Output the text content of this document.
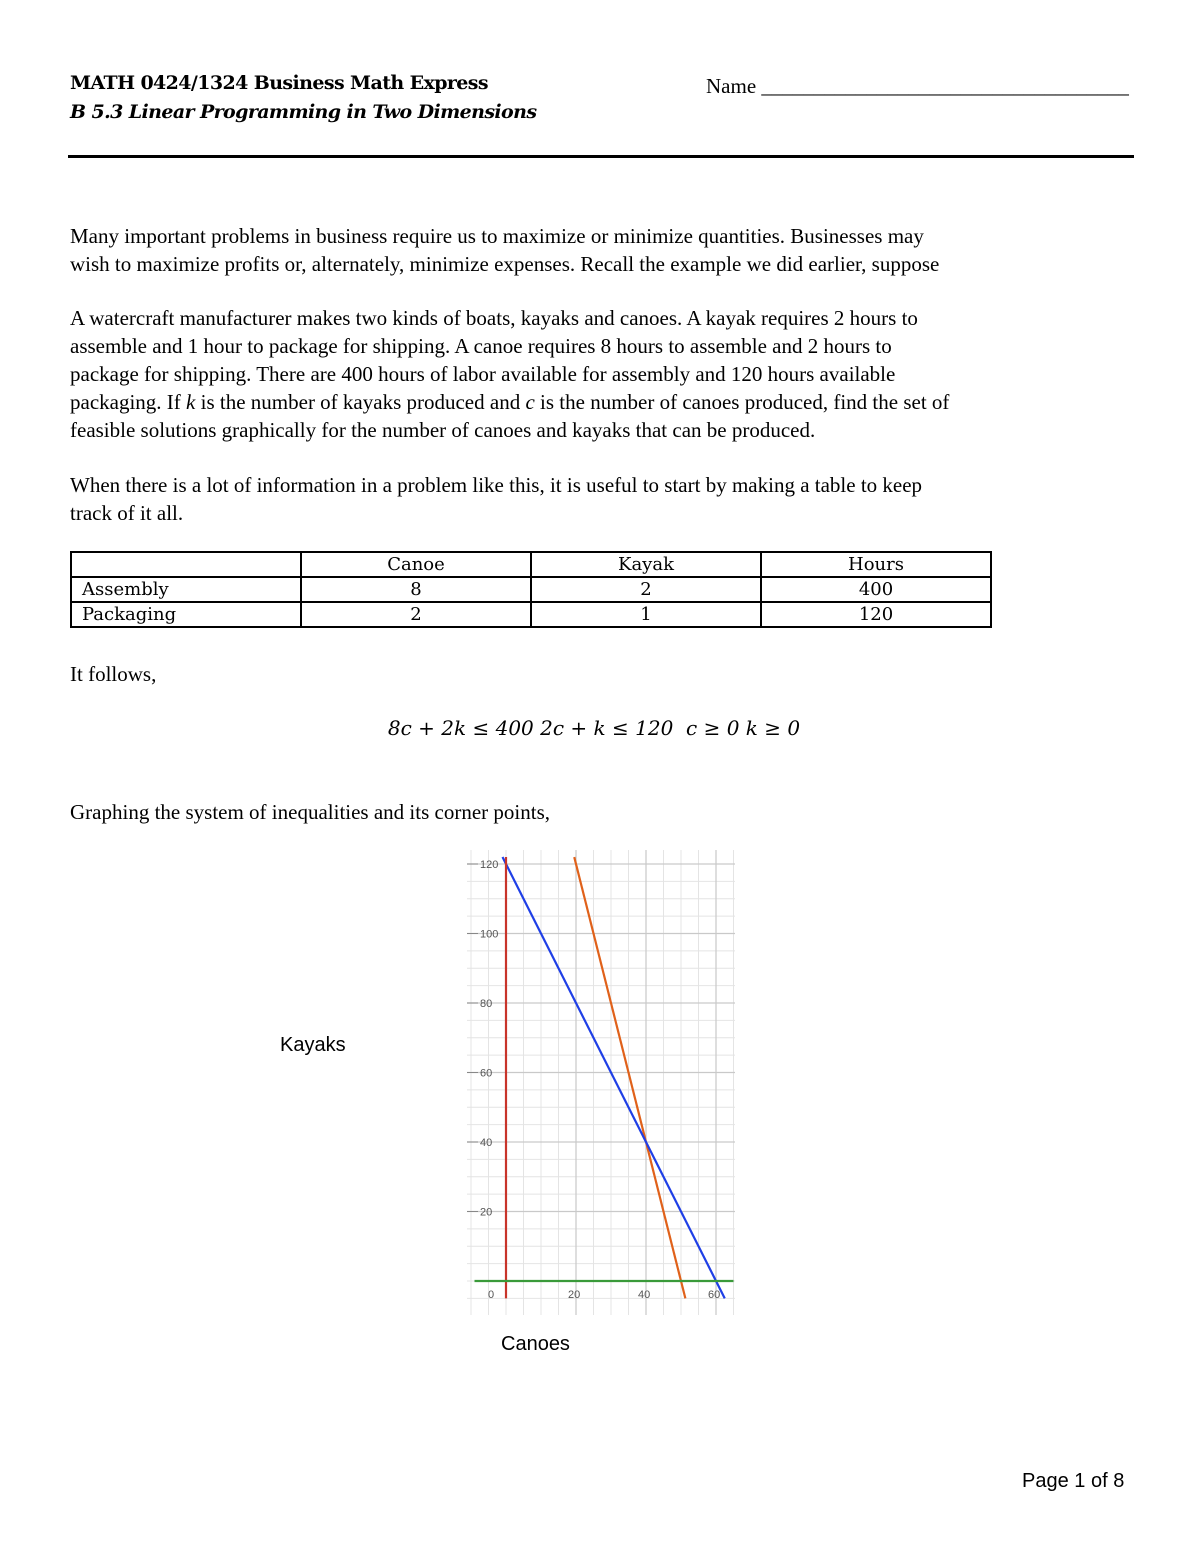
MATH 0424/1324 Business Math Express
B 5.3 Linear Programming in Two Dimensions
Name ___________________________________
Many important problems in business require us to maximize or minimize quantities. Businesses may
wish to maximize profits or, alternately, minimize expenses. Recall the example we did earlier, suppose
A watercraft manufacturer makes two kinds of boats, kayaks and canoes. A kayak requires 2 hours to
assemble and 1 hour to package for shipping. A canoe requires 8 hours to assemble and 2 hours to
package for shipping. There are 400 hours of labor available for assembly and 120 hours available
packaging. If k is the number of kayaks produced and c is the number of canoes produced, find the set of
feasible solutions graphically for the number of canoes and kayaks that can be produced.
When there is a lot of information in a problem like this, it is useful to start by making a table to keep
track of it all.
	Canoe	Kayak	Hours
Assembly	8	2	400
Packaging	2	1	120
It follows,
8c + 2k ≤ 400 2c + k ≤ 120  c ≥ 0 k ≥ 0
Graphing the system of inequalities and its corner points,
120
100
80
60
40
20
0	20	40	60
Kayaks
Canoes
Page 1 of 8
